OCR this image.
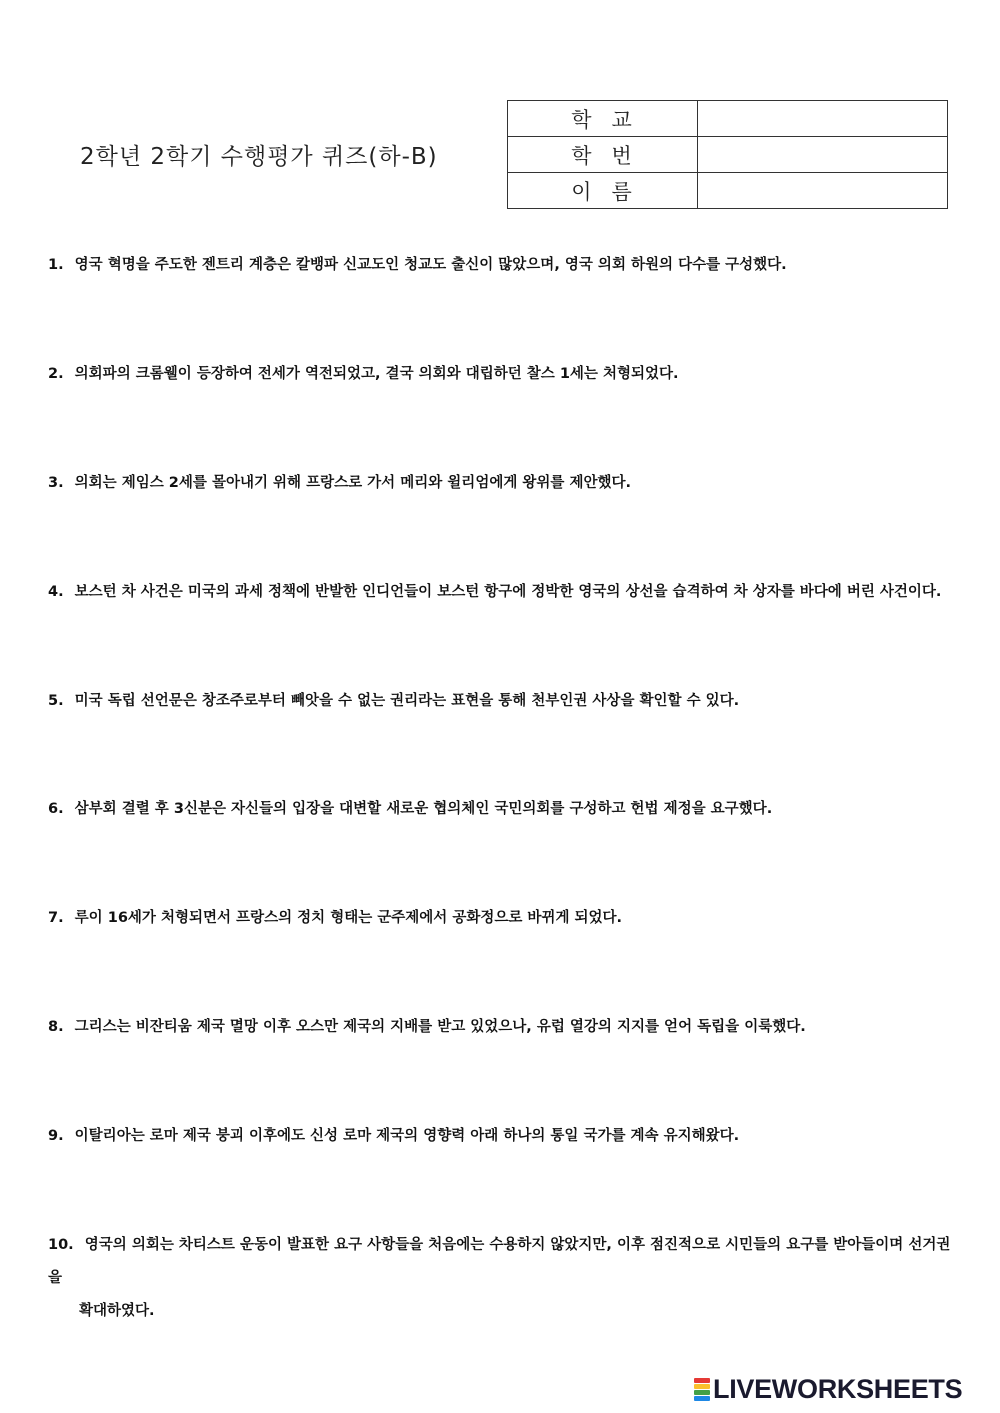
2학년 2학기 수행평가 퀴즈(하-B)
학교	
학번	
이름	
1. 영국 혁명을 주도한 젠트리 계층은 칼뱅파 신교도인 청교도 출신이 많았으며, 영국 의회 하원의 다수를 구성했다.
2. 의회파의 크롬웰이 등장하여 전세가 역전되었고, 결국 의회와 대립하던 찰스 1세는 처형되었다.
3. 의회는 제임스 2세를 몰아내기 위해 프랑스로 가서 메리와 윌리엄에게 왕위를 제안했다.
4. 보스턴 차 사건은 미국의 과세 정책에 반발한 인디언들이 보스턴 항구에 정박한 영국의 상선을 습격하여 차 상자를 바다에 버린 사건이다.
5. 미국 독립 선언문은 창조주로부터 빼앗을 수 없는 권리라는 표현을 통해 천부인권 사상을 확인할 수 있다.
6. 삼부회 결렬 후 3신분은 자신들의 입장을 대변할 새로운 협의체인 국민의회를 구성하고 헌법 제정을 요구했다.
7. 루이 16세가 처형되면서 프랑스의 정치 형태는 군주제에서 공화정으로 바뀌게 되었다.
8. 그리스는 비잔티움 제국 멸망 이후 오스만 제국의 지배를 받고 있었으나, 유럽 열강의 지지를 얻어 독립을 이룩했다.
9. 이탈리아는 로마 제국 붕괴 이후에도 신성 로마 제국의 영향력 아래 하나의 통일 국가를 계속 유지해왔다.
10. 영국의 의회는 차티스트 운동이 발표한 요구 사항들을 처음에는 수용하지 않았지만, 이후 점진적으로 시민들의 요구를 받아들이며 선거권을
확대하였다.
LIVEWORKSHEETS
